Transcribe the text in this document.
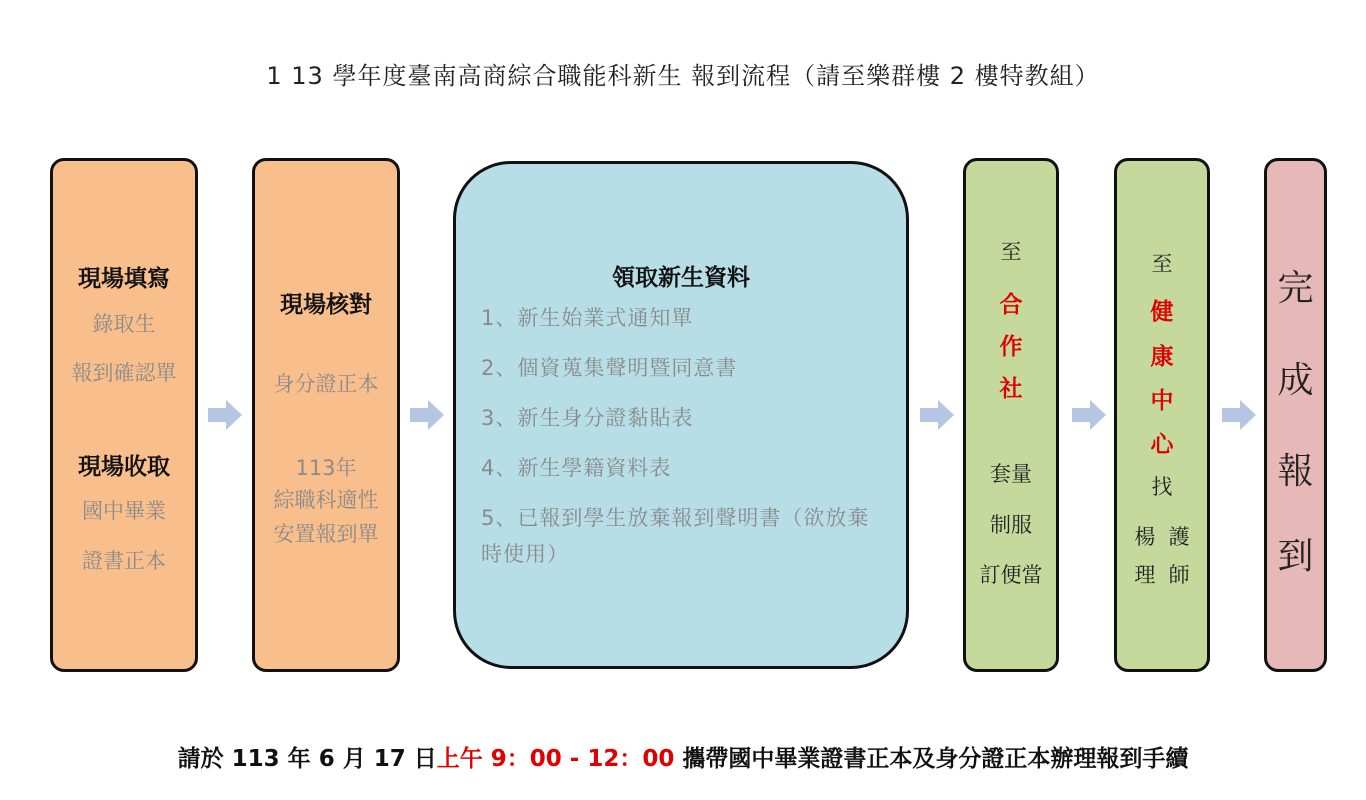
1 13 學年度臺南高商綜合職能科新生 報到流程（請至樂群樓 2 樓特教組）
現場填寫
錄取生
報到確認單
現場收取
國中畢業
證書正本
現場核對
身分證正本
113年
綜職科適性
安置報到單
領取新生資料
1、新生始業式通知單
2、個資蒐集聲明暨同意書
3、新生身分證黏貼表
4、新生學籍資料表
5、已報到學生放棄報到聲明書（欲放棄時使用）
至
合
作
社
套量
制服
訂便當
至
健
康
中
心
找
楊  護
理  師
完
成
報
到
請於 113 年 6 月 17 日上午 9：00 - 12：00 攜帶國中畢業證書正本及身分證正本辦理報到手續
